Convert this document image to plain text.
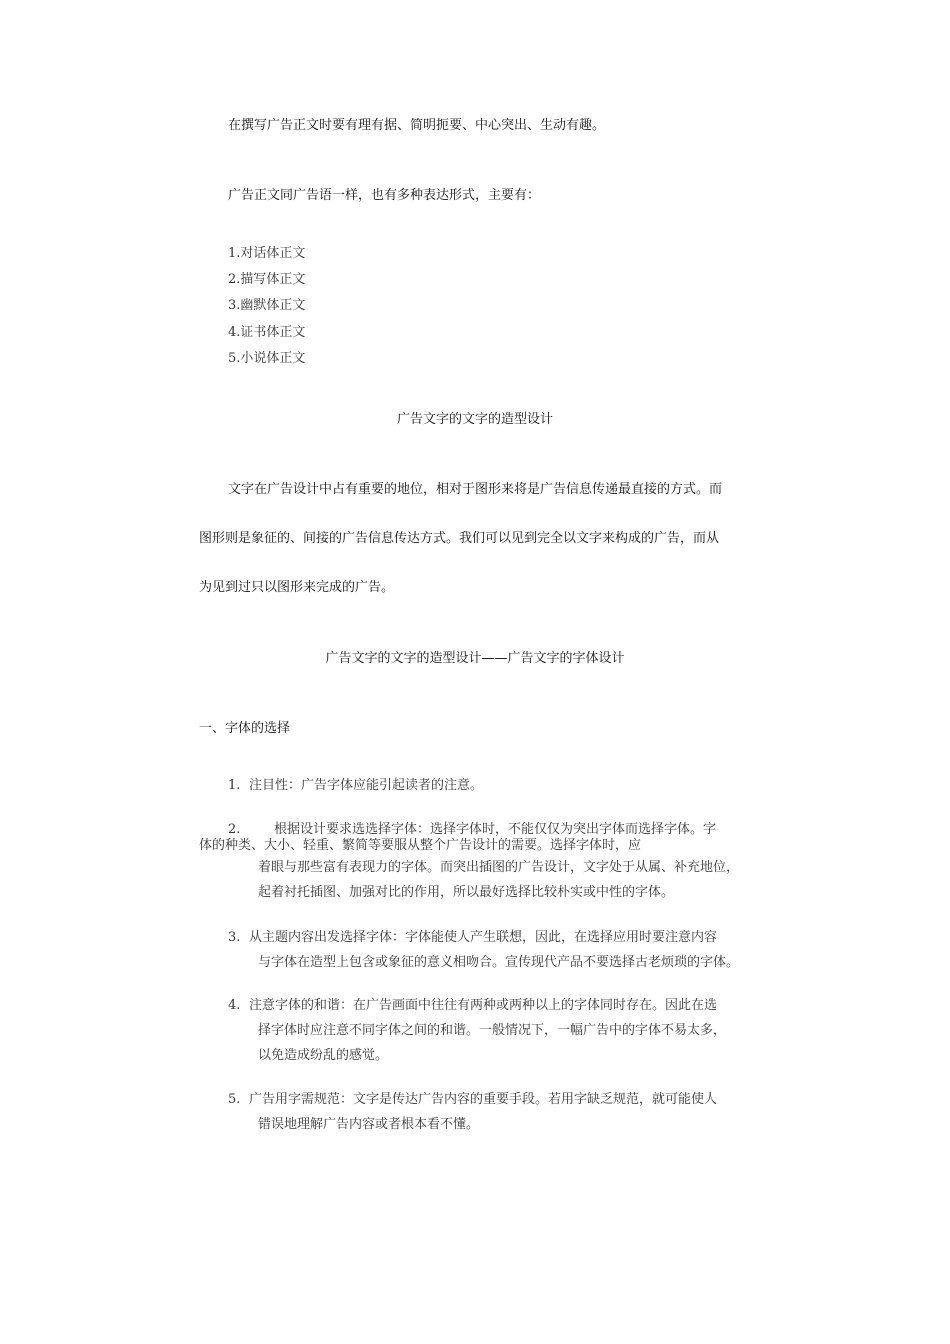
在撰写广告正文时要有理有据、简明扼要、中心突出、生动有趣。
广告正文同广告语一样，也有多种表达形式，主要有：
1.对话体正文
2.描写体正文
3.幽默体正文
4.证书体正文
5.小说体正文
广告文字的文字的造型设计
文字在广告设计中占有重要的地位，相对于图形来将是广告信息传递最直接的方式。而
图形则是象征的、间接的广告信息传达方式。我们可以见到完全以文字来构成的广告，而从
为见到过只以图形来完成的广告。
广告文字的文字的造型设计——广告文字的字体设计
一、字体的选择
1. 注目性：广告字体应能引起读者的注意。
2.	根据设计要求选选择字体：选择字体时，不能仅仅为突出字体而选择字体。字
体的种类、大小、轻重、繁简等要服从整个广告设计的需要。选择字体时，应
着眼与那些富有表现力的字体。而突出插图的广告设计，文字处于从属、补充地位，
起着衬托插图、加强对比的作用，所以最好选择比较朴实或中性的字体。
3. 从主题内容出发选择字体：字体能使人产生联想，因此，在选择应用时要注意内容
与字体在造型上包含或象征的意义相吻合。宣传现代产品不要选择古老烦琐的字体。
4. 注意字体的和谐：在广告画面中往往有两种或两种以上的字体同时存在。因此在选
择字体时应注意不同字体之间的和谐。一般情况下，一幅广告中的字体不易太多，
以免造成纷乱的感觉。
5. 广告用字需规范：文字是传达广告内容的重要手段。若用字缺乏规范，就可能使人
错误地理解广告内容或者根本看不懂。
